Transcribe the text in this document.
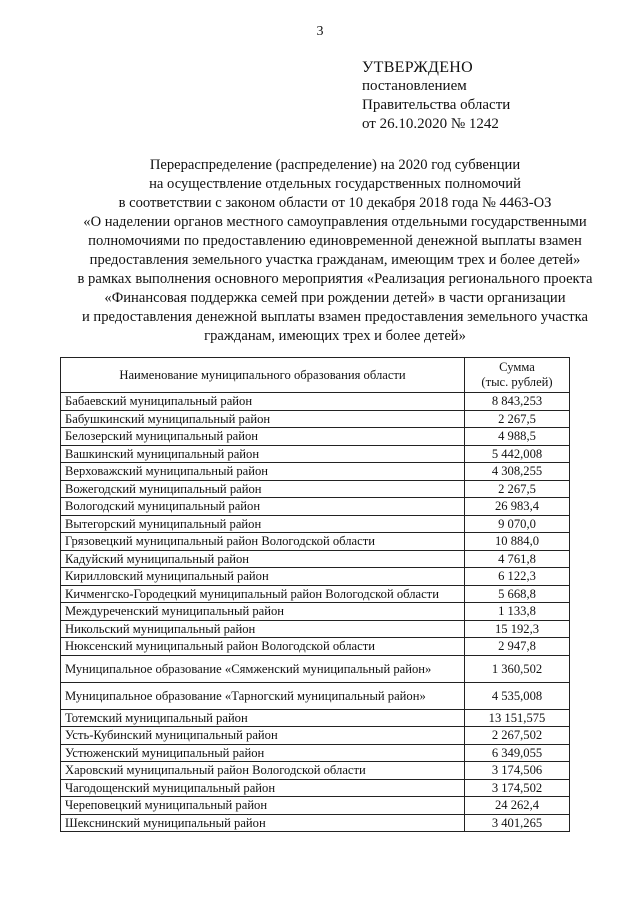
3
УТВЕРЖДЕНО
постановлением
Правительства области
от 26.10.2020 № 1242
Перераспределение (распределение) на 2020 год субвенции
на осуществление отдельных государственных полномочий
в соответствии с законом области от 10 декабря 2018 года № 4463-ОЗ
«О наделении органов местного самоуправления отдельными государственными
полномочиями по предоставлению единовременной денежной выплаты взамен
предоставления земельного участка гражданам, имеющим трех и более детей»
в рамках выполнения основного мероприятия «Реализация регионального проекта
«Финансовая поддержка семей при рождении детей» в части организации
и предоставления денежной выплаты взамен предоставления земельного участка
гражданам, имеющих трех и более детей»
Наименование муниципального образования области	Сумма
(тыс. рублей)
Бабаевский муниципальный район	8 843,253
Бабушкинский муниципальный район	2 267,5
Белозерский муниципальный район	4 988,5
Вашкинский муниципальный район	5 442,008
Верховажский муниципальный район	4 308,255
Вожегодский муниципальный район	2 267,5
Вологодский муниципальный район	26 983,4
Вытегорский муниципальный район	9 070,0
Грязовецкий муниципальный район Вологодской области	10 884,0
Кадуйский муниципальный район	4 761,8
Кирилловский муниципальный район	6 122,3
Кичменгско-Городецкий муниципальный район Вологодской области	5 668,8
Междуреченский муниципальный район	1 133,8
Никольский муниципальный район	15 192,3
Нюксенский муниципальный район Вологодской области	2 947,8
Муниципальное образование «Сямженский муниципальный район»	1 360,502
Муниципальное образование «Тарногский муниципальный район»	4 535,008
Тотемский муниципальный район	13 151,575
Усть-Кубинский муниципальный район	2 267,502
Устюженский муниципальный район	6 349,055
Харовский муниципальный район Вологодской области	3 174,506
Чагодощенский муниципальный район	3 174,502
Череповецкий муниципальный район	24 262,4
Шекснинский муниципальный район	3 401,265
